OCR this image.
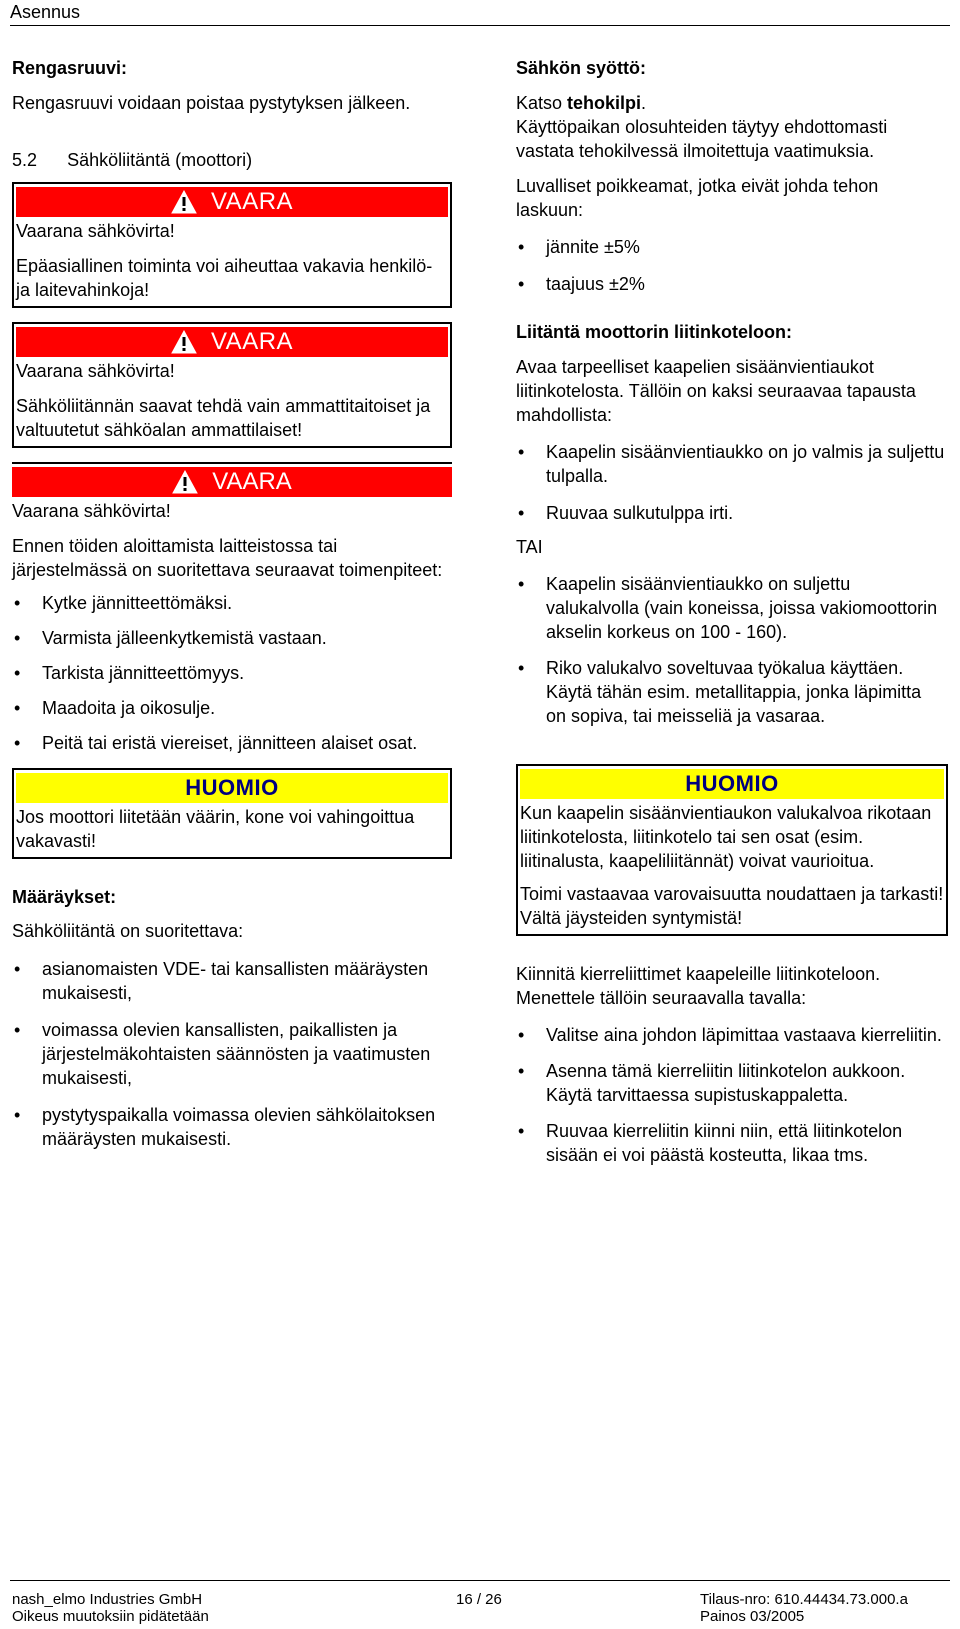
Asennus

Rengasruuvi:

Rengasruuvi voidaan poistaa pystytyksen jälkeen.

5.2 Sähköliitäntä (moottori)

VAARA

Vaarana sähkövirta!

Epäasiallinen toiminta voi aiheuttaa vakavia henkilö- ja laitevahinkoja!

VAARA

Vaarana sähkövirta!

Sähköliitännän saavat tehdä vain ammattitaitoiset ja valtuutetut sähköalan ammattilaiset!

VAARA

Vaarana sähkövirta!

Ennen töiden aloittamista laitteistossa tai järjestelmässä on suoritettava seuraavat toimenpiteet:

• Kytke jännitteettömäksi.
• Varmista jälleenkytkemistä vastaan.
• Tarkista jännitteettömyys.
• Maadoita ja oikosulje.
• Peitä tai eristä viereiset, jännitteen alaiset osat.
HUOMIO

Jos moottori liitetään väärin, kone voi vahingoittua vakavasti!

Määräykset:

Sähköliitäntä on suoritettava:

• asianomaisten VDE- tai kansallisten määräysten mukaisesti,
• voimassa olevien kansallisten, paikallisten ja järjestelmäkohtaisten säännösten ja vaatimusten mukaisesti,
• pystytyspaikalla voimassa olevien sähkölaitoksen määräysten mukaisesti.

Sähkön syöttö:

Katso tehokilpi.

Käyttöpaikan olosuhteiden täytyy ehdottomasti vastata tehokilvessä ilmoitettuja vaatimuksia.

Luvalliset poikkeamat, jotka eivät johda tehon laskuun:

• jännite ±5%
• taajuus ±2%

Liitäntä moottorin liitinkoteloon:

Avaa tarpeelliset kaapelien sisäänvientiaukot liitinkotelosta. Tällöin on kaksi seuraavaa tapausta mahdollista:

• Kaapelin sisäänvientiaukko on jo valmis ja suljettu tulpalla.
• Ruuvaa sulkutulppa irti.

TAI

• Kaapelin sisäänvientiaukko on suljettu valukalvolla (vain koneissa, joissa vakiomoottorin akselin korkeus on 100 - 160).
• Riko valukalvo soveltuvaa työkalua käyttäen. Käytä tähän esim. metallitappia, jonka läpimitta on sopiva, tai meisseliä ja vasaraa.
HUOMIO

Kun kaapelin sisäänvientiaukon valukalvoa rikotaan liitinkotelosta, liitinkotelo tai sen osat (esim. liitinalusta, kaapeliliitännät) voivat vaurioitua.

Toimi vastaavaa varovaisuutta noudattaen ja tarkasti! Vältä jäysteiden syntymistä!

Kiinnitä kierreliittimet kaapeleille liitinkoteloon. Menettele tällöin seuraavalla tavalla:

• Valitse aina johdon läpimittaa vastaava kierreliitin.
• Asenna tämä kierreliitin liitinkotelon aukkoon.
Käytä tarvittaessa supistuskappaletta.
• Ruuvaa kierreliitin kiinni niin, että liitinkotelon sisään ei voi päästä kosteutta, likaa tms.
nash_elmo Industries GmbH
Oikeus muutoksiin pidätetään
16 / 26	Tilaus-nro: 610.44434.73.000.a
Painos 03/2005
